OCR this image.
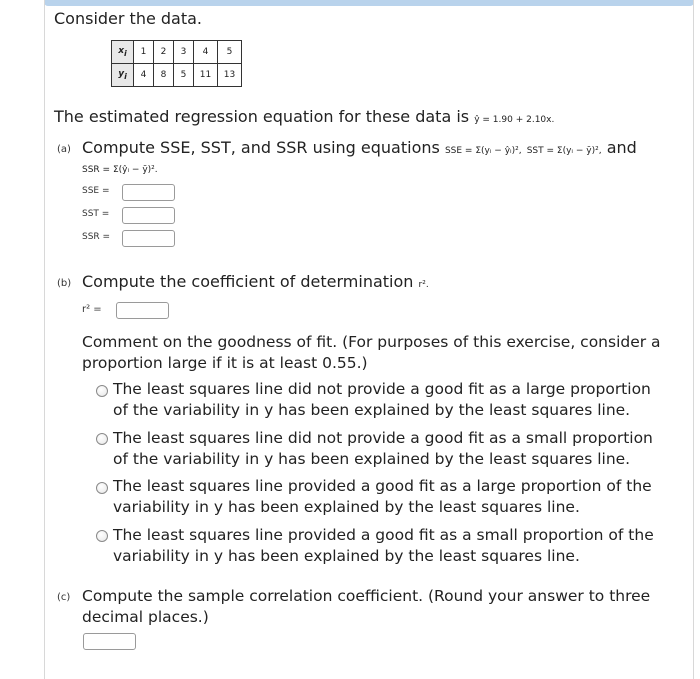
Consider the data.
$x_i$	1	2	3	4	5
$y_i$	4	8	5	11	13
The estimated regression equation for these data is ŷ = 1.90 + 2.10x.
(a) Compute SSE, SST, and SSR using equations SSE = Σ(yᵢ − ŷᵢ)², SST = Σ(yᵢ − ȳ)², and
SSR = Σ(ŷᵢ − ȳ)².
SSE =
SST =
SSR =
(b) Compute the coefficient of determination r².
r² =
Comment on the goodness of fit. (For purposes of this exercise, consider a
proportion large if it is at least 0.55.)
The least squares line did not provide a good fit as a large proportion
of the variability in y has been explained by the least squares line.
The least squares line did not provide a good fit as a small proportion
of the variability in y has been explained by the least squares line.
The least squares line provided a good fit as a large proportion of the
variability in y has been explained by the least squares line.
The least squares line provided a good fit as a small proportion of the
variability in y has been explained by the least squares line.
(c) Compute the sample correlation coefficient. (Round your answer to three
decimal places.)
